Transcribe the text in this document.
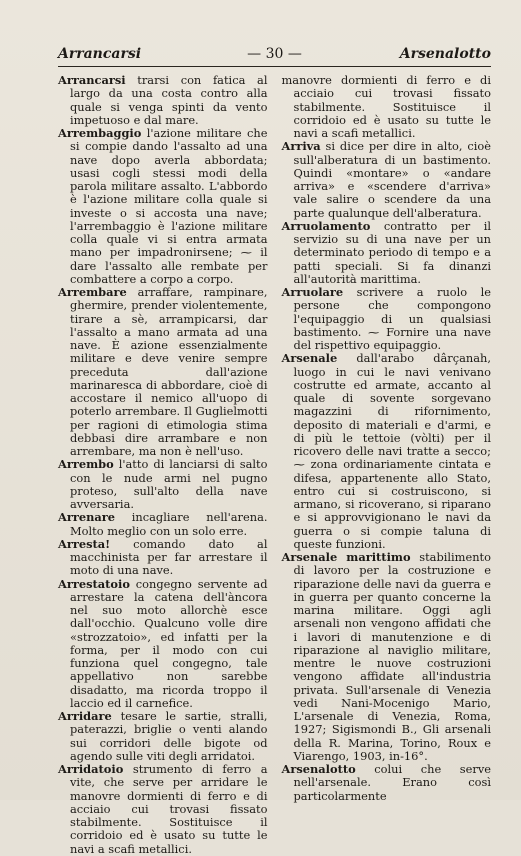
Arrancarsi	— 30 —	Arsenalotto

Arrancarsi trarsi con fatica al largo da una costa contro alla quale si venga spinti da vento impetuoso e dal mare.

Arrembaggio l'azione militare che si compie dando l'assalto ad una nave dopo averla abbordata; usasi cogli stessi modi della parola militare assalto. L'abbordo è l'azione militare colla quale si investe o si accosta una nave; l'arrembaggio è l'azione militare colla quale vi si entra armata mano per impadronirsene; ⁓ il dare l'assalto alle rembate per combattere a corpo a corpo.

Arrembare arraffare, rampinare, ghermire, prender violentemente, tirare a sè, arrampicarsi, dar l'assalto a mano armata ad una nave. È azione essenzialmente militare e deve venire sempre preceduta dall'azione marinaresca di abbordare, cioè di accostare il nemico all'uopo di poterlo arrembare. Il Guglielmotti per ragioni di etimologia stima debbasi dire arrambare e non arrembare, ma non è nell'uso.

Arrembo l'atto di lanciarsi di salto con le nude armi nel pugno proteso, sull'alto della nave avversaria.

Arrenare incagliare nell'arena. Molto meglio con un solo erre.

Arresta! comando dato al macchinista per far arrestare il moto di una nave.

Arrestatoio congegno servente ad arrestare la catena dell'àncora nel suo moto allorchè esce dall'occhio. Qualcuno volle dire «strozzatoio», ed infatti per la forma, per il modo con cui funziona quel congegno, tale appellativo non sarebbe disadatto, ma ricorda troppo il laccio ed il carnefice.

Arridare tesare le sartie, stralli, paterazzi, briglie o venti alando sui corridori delle bigote od agendo sulle viti degli arridatoi.

Arridatoio strumento di ferro a vite, che serve per arridare le manovre dormienti di ferro e di acciaio cui trovasi fissato stabilmente. Sostituisce il corridoio ed è usato su tutte le navi a scafi metallici.

manovre dormienti di ferro e di acciaio cui trovasi fissato stabilmente. Sostituisce il corridoio ed è usato su tutte le navi a scafi metallici.

Arriva si dice per dire in alto, cioè sull'alberatura di un bastimento. Quindi «montare» o «andare arriva» e «scendere d'arriva» vale salire o scendere da una parte qualunque dell'alberatura.

Arruolamento contratto per il servizio su di una nave per un determinato periodo di tempo e a patti speciali. Si fa dinanzi all'autorità marittima.

Arruolare scrivere a ruolo le persone che compongono l'equipaggio di un qualsiasi bastimento. ⁓ Fornire una nave del rispettivo equipaggio.

Arsenale dall'arabo dârçanah, luogo in cui le navi venivano costrutte ed armate, accanto al quale di sovente sorgevano magazzini di rifornimento, deposito di materiali e d'armi, e di più le tettoie (vòlti) per il ricovero delle navi tratte a secco; ⁓ zona ordinariamente cintata e difesa, appartenente allo Stato, entro cui si costruiscono, si armano, si ricoverano, si riparano e si approvvigionano le navi da guerra o si compie taluna di queste funzioni.

Arsenale marittimo stabilimento di lavoro per la costruzione e riparazione delle navi da guerra e in guerra per quanto concerne la marina militare. Oggi agli arsenali non vengono affidati che i lavori di manutenzione e di riparazione al naviglio militare, mentre le nuove costruzioni vengono affidate all'industria privata. Sull'arsenale di Venezia vedi Nani-Mocenigo Mario, L'arsenale di Venezia, Roma, 1927; Sigismondi B., Gli arsenali della R. Marina, Torino, Roux e Viarengo, 1903, in-16°.

Arsenalotto colui che serve nell'arsenale. Erano così particolarmente
